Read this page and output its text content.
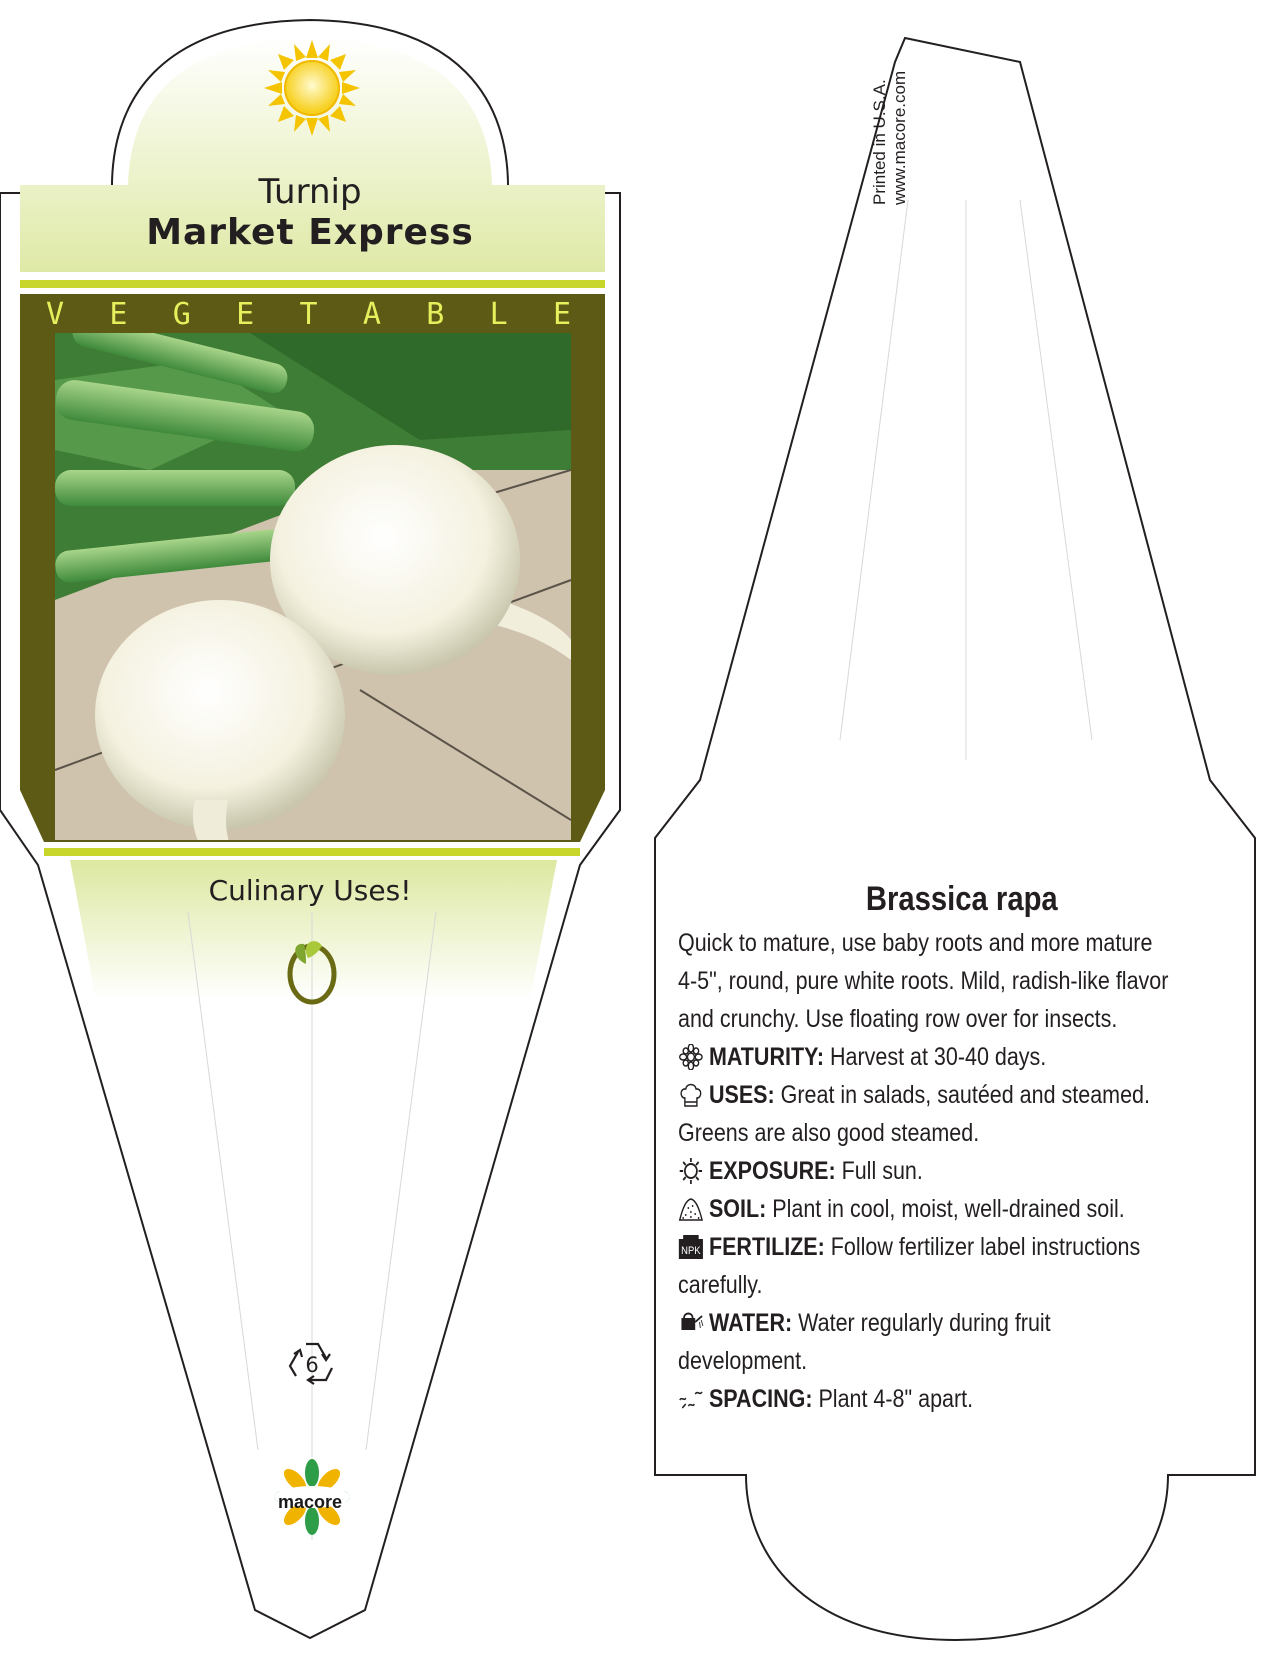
Turnip
Market Express
V	E	G	E	T	A	B	L	E
Culinary Uses!
6
macore
Printed in U.S.A. www.macore.com
Brassica rapa

Quick to mature, use baby roots and more mature 4-5", round, pure white roots. Mild, radish-like flavor and crunchy. Use floating row over for insects.

MATURITY: Harvest at 30-40 days.

USES: Great in salads, sautéed and steamed. Greens are also good steamed.

EXPOSURE: Full sun.

SOIL: Plant in cool, moist, well-drained soil.

NPK FERTILIZE: Follow fertilizer label instructions carefully.

WATER: Water regularly during fruit development.

SPACING: Plant 4-8" apart.
